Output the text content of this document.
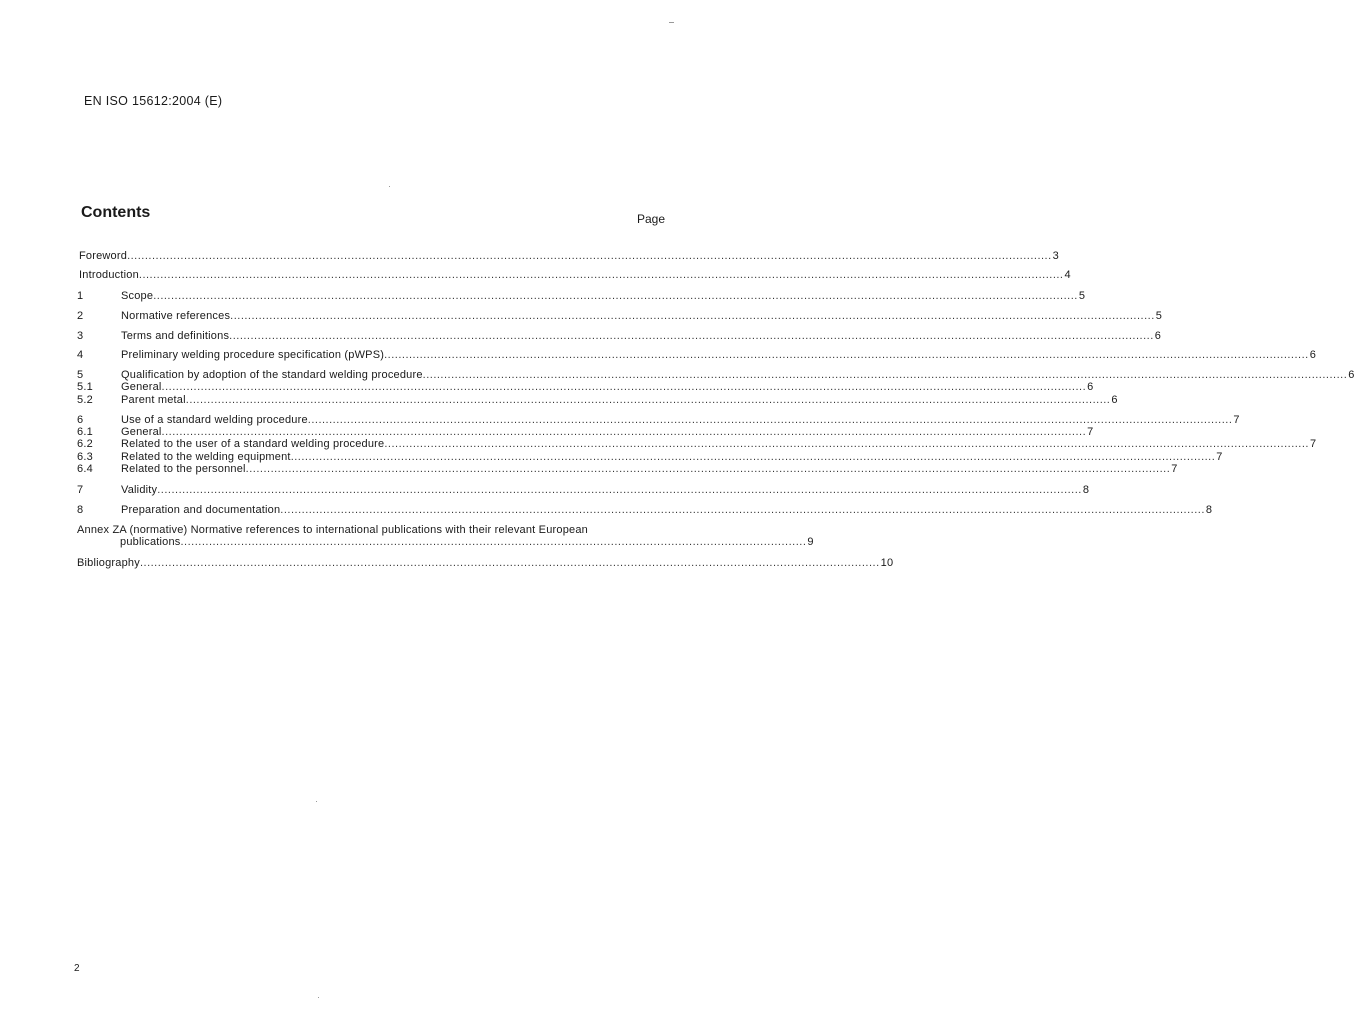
EN ISO 15612:2004 (E)
Contents	Page
Foreword .................................................................................................................................................................................................................................................................... 3
Introduction .................................................................................................................................................................................................................................................................... 4
1	Scope .................................................................................................................................................................................................................................................................... 5
2	Normative references .................................................................................................................................................................................................................................................................... 5
3	Terms and definitions .................................................................................................................................................................................................................................................................... 6
4	Preliminary welding procedure specification (pWPS) .................................................................................................................................................................................................................................................................... 6
5	Qualification by adoption of the standard welding procedure .................................................................................................................................................................................................................................................................... 6
5.1	General .................................................................................................................................................................................................................................................................... 6
5.2	Parent metal .................................................................................................................................................................................................................................................................... 6
6	Use of a standard welding procedure .................................................................................................................................................................................................................................................................... 7
6.1	General .................................................................................................................................................................................................................................................................... 7
6.2	Related to the user of a standard welding procedure .................................................................................................................................................................................................................................................................... 7
6.3	Related to the welding equipment .................................................................................................................................................................................................................................................................... 7
6.4	Related to the personnel .................................................................................................................................................................................................................................................................... 7
7	Validity .................................................................................................................................................................................................................................................................... 8
8	Preparation and documentation .................................................................................................................................................................................................................................................................... 8
Annex ZA (normative) Normative references to international publications with their relevant European
publications ................................................................................................................................................................................ 9
Bibliography ................................................................................................................................................................................................................ 10
2
